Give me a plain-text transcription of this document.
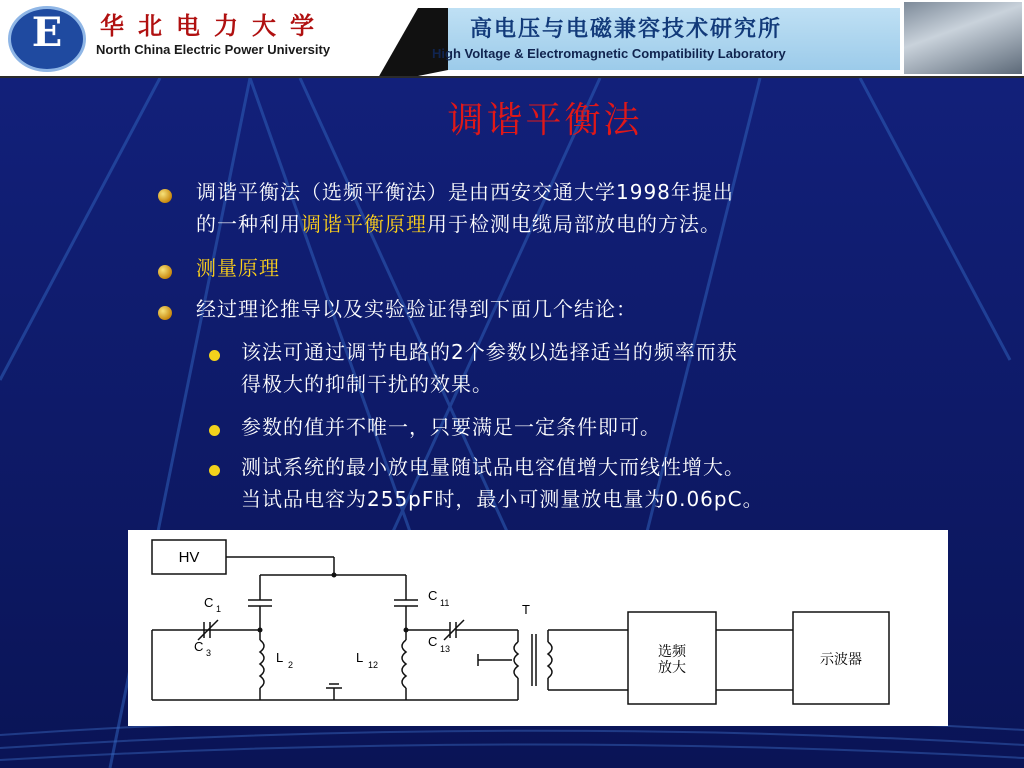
E	华北电力大学
North China Electric Power University
高电压与电磁兼容技术研究所
High Voltage & Electromagnetic Compatibility Laboratory
调谐平衡法
调谐平衡法（选频平衡法）是由西安交通大学1998年提出
的一种利用调谐平衡原理用于检测电缆局部放电的方法。
测量原理
经过理论推导以及实验验证得到下面几个结论：
该法可通过调节电路的2个参数以选择适当的频率而获
得极大的抑制干扰的效果。
参数的值并不唯一，只要满足一定条件即可。
测试系统的最小放电量随试品电容值增大而线性增大。
当试品电容为255pF时，最小可测量放电量为0.06pC。
HV
C 1
C 3
C 11
C 13
L 2	L 12
T
选频
放大	示波器
